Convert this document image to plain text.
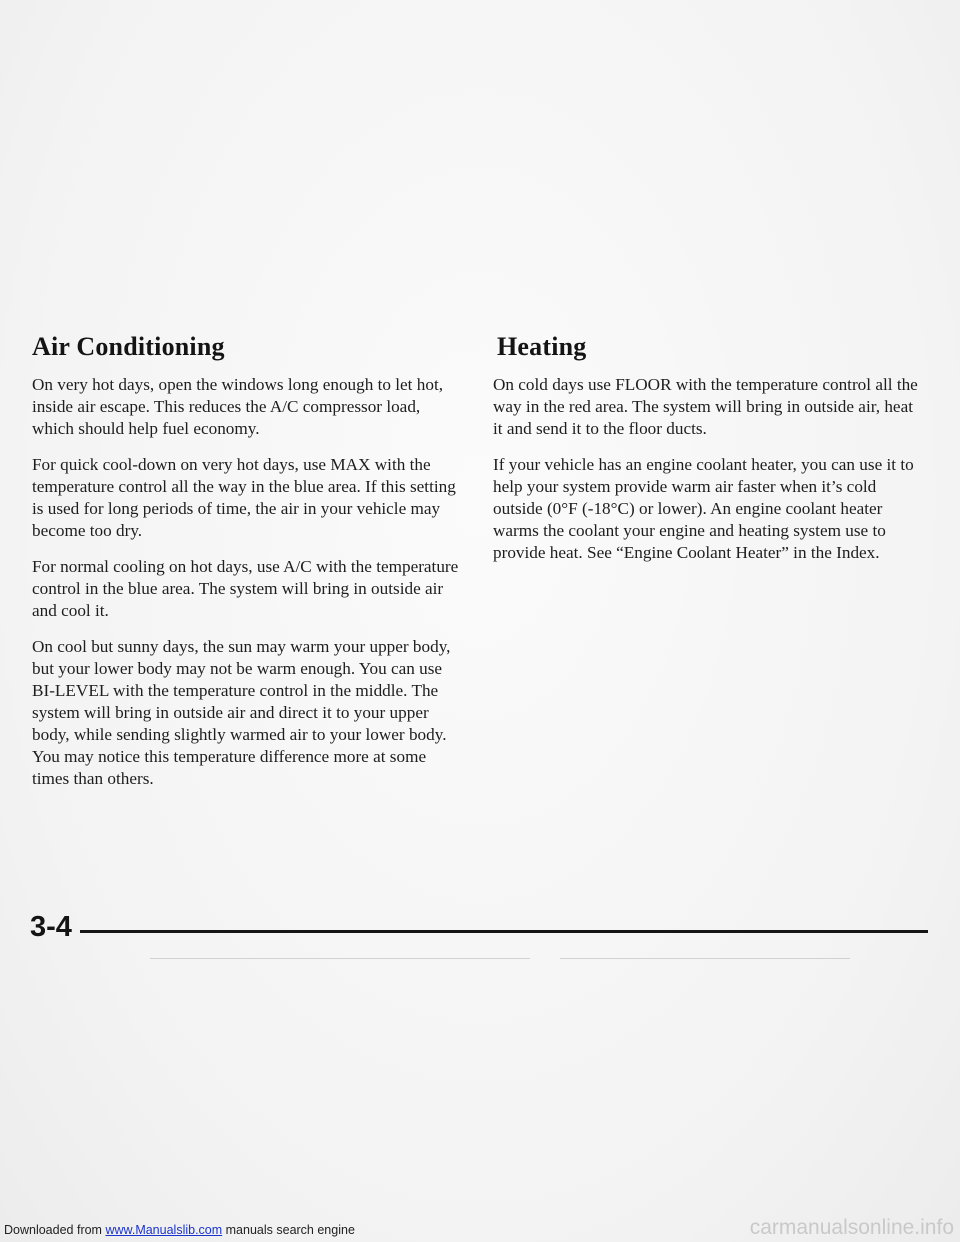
Air Conditioning

On very hot days, open the windows long enough to let hot, inside air escape. This reduces the A/C compressor load, which should help fuel economy.

For quick cool-down on very hot days, use MAX with the temperature control all the way in the blue area. If this setting is used for long periods of time, the air in your vehicle may become too dry.

For normal cooling on hot days, use A/C with the temperature control in the blue area. The system will bring in outside air and cool it.

On cool but sunny days, the sun may warm your upper body, but your lower body may not be warm enough. You can use BI-LEVEL with the temperature control in the middle. The system will bring in outside air and direct it to your upper body, while sending slightly warmed air to your lower body. You may notice this temperature difference more at some times than others.

Heating

On cold days use FLOOR with the temperature control all the way in the red area. The system will bring in outside air, heat it and send it to the floor ducts.

If your vehicle has an engine coolant heater, you can use it to help your system provide warm air faster when it’s cold outside (0°F (-18°C) or lower). An engine coolant heater warms the coolant your engine and heating system use to provide heat. See “Engine Coolant Heater” in the Index.

3-4
Downloaded from www.Manualslib.com manuals search engine	carmanualsonline.info
